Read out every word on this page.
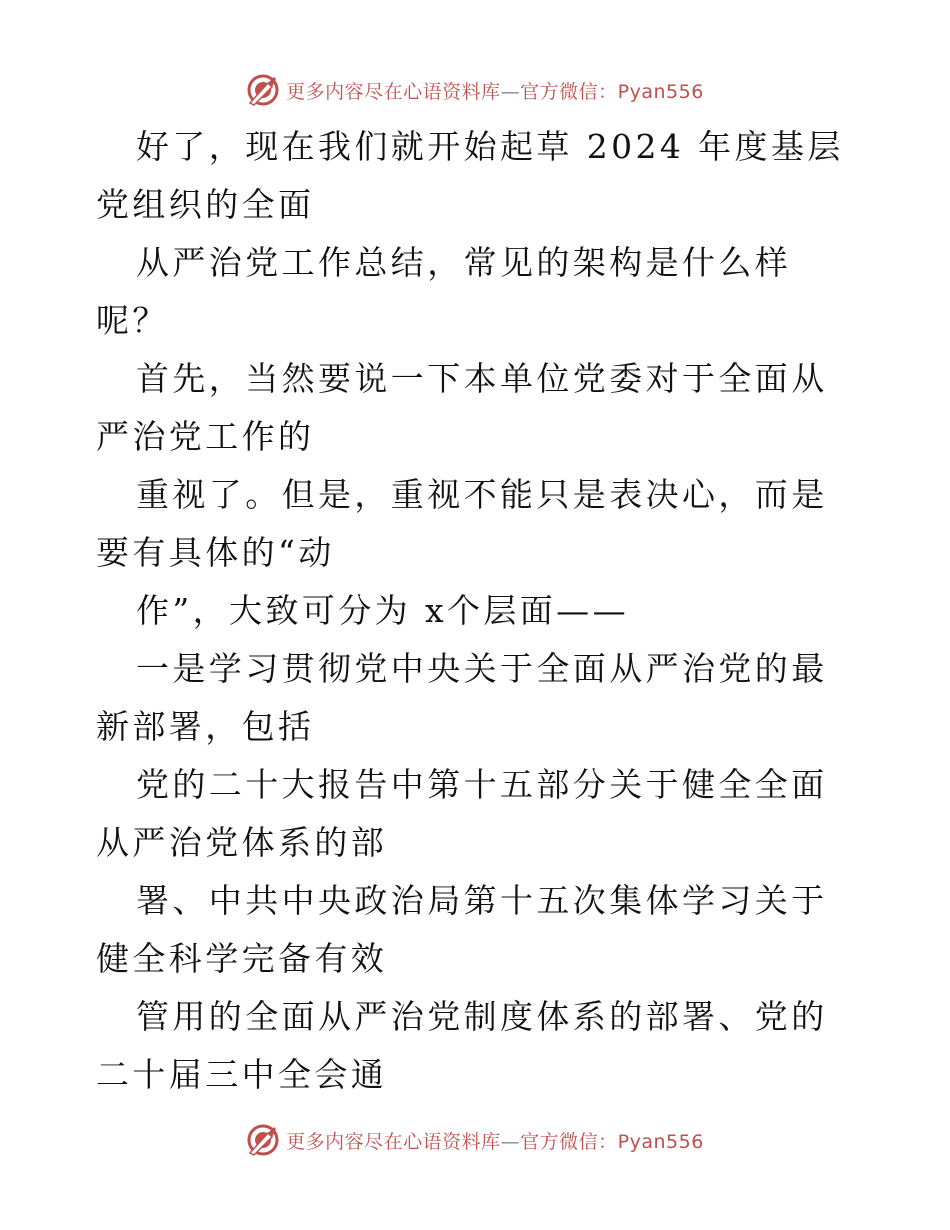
更多内容尽在心语资料库—官方微信：Pyan556

好了，现在我们就开始起草 2024 年度基层党组织的全面

从严治党工作总结，常见的架构是什么样呢？

首先，当然要说一下本单位党委对于全面从严治党工作的

重视了。但是，重视不能只是表决心，而是要有具体的“动

作”，大致可分为 x个层面——

一是学习贯彻党中央关于全面从严治党的最新部署，包括

党的二十大报告中第十五部分关于健全全面从严治党体系的部

署、中共中央政治局第十五次集体学习关于健全科学完备有效

管用的全面从严治党制度体系的部署、党的二十届三中全会通

更多内容尽在心语资料库—官方微信：Pyan556
